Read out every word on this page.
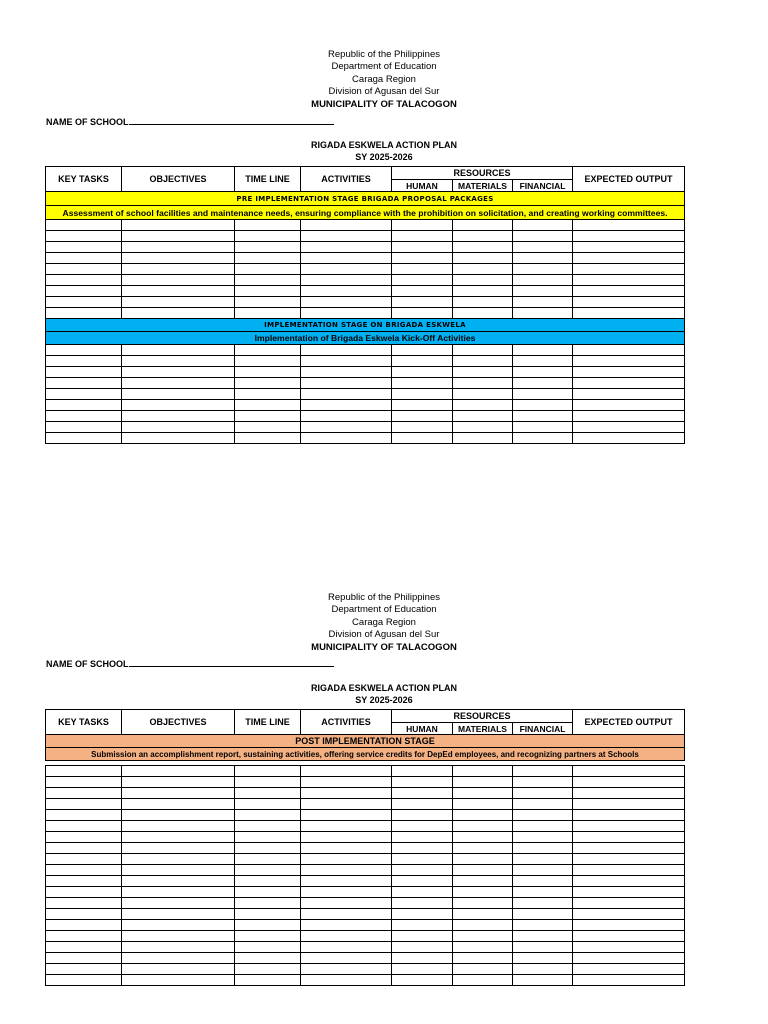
Republic of the Philippines
Department of Education
Caraga Region
Division of Agusan del Sur
MUNICIPALITY OF TALACOGON
NAME OF SCHOOL
RIGADA ESKWELA ACTION PLAN
SY 2025-2026
KEY TASKS	OBJECTIVES	TIME LINE	ACTIVITIES	RESOURCES			EXPECTED OUTPUT
				HUMAN	MATERIALS	FINANCIAL	
PRE IMPLEMENTATION STAGE BRIGADA PROPOSAL PACKAGES							
Assessment of school facilities and maintenance needs, ensuring compliance with the prohibition on solicitation, and creating working committees.							

IMPLEMENTATION STAGE ON BRIGADA ESKWELA							
Implementation of Brigada Eskwela Kick-Off Activities							

Republic of the Philippines
Department of Education
Caraga Region
Division of Agusan del Sur
MUNICIPALITY OF TALACOGON
NAME OF SCHOOL
RIGADA ESKWELA ACTION PLAN
SY 2025-2026
KEY TASKS	OBJECTIVES	TIME LINE	ACTIVITIES	RESOURCES			EXPECTED OUTPUT
				HUMAN	MATERIALS	FINANCIAL	
POST IMPLEMENTATION STAGE							
Submission an accomplishment report, sustaining activities, offering service credits for DepEd employees, and recognizing partners at Schools							
